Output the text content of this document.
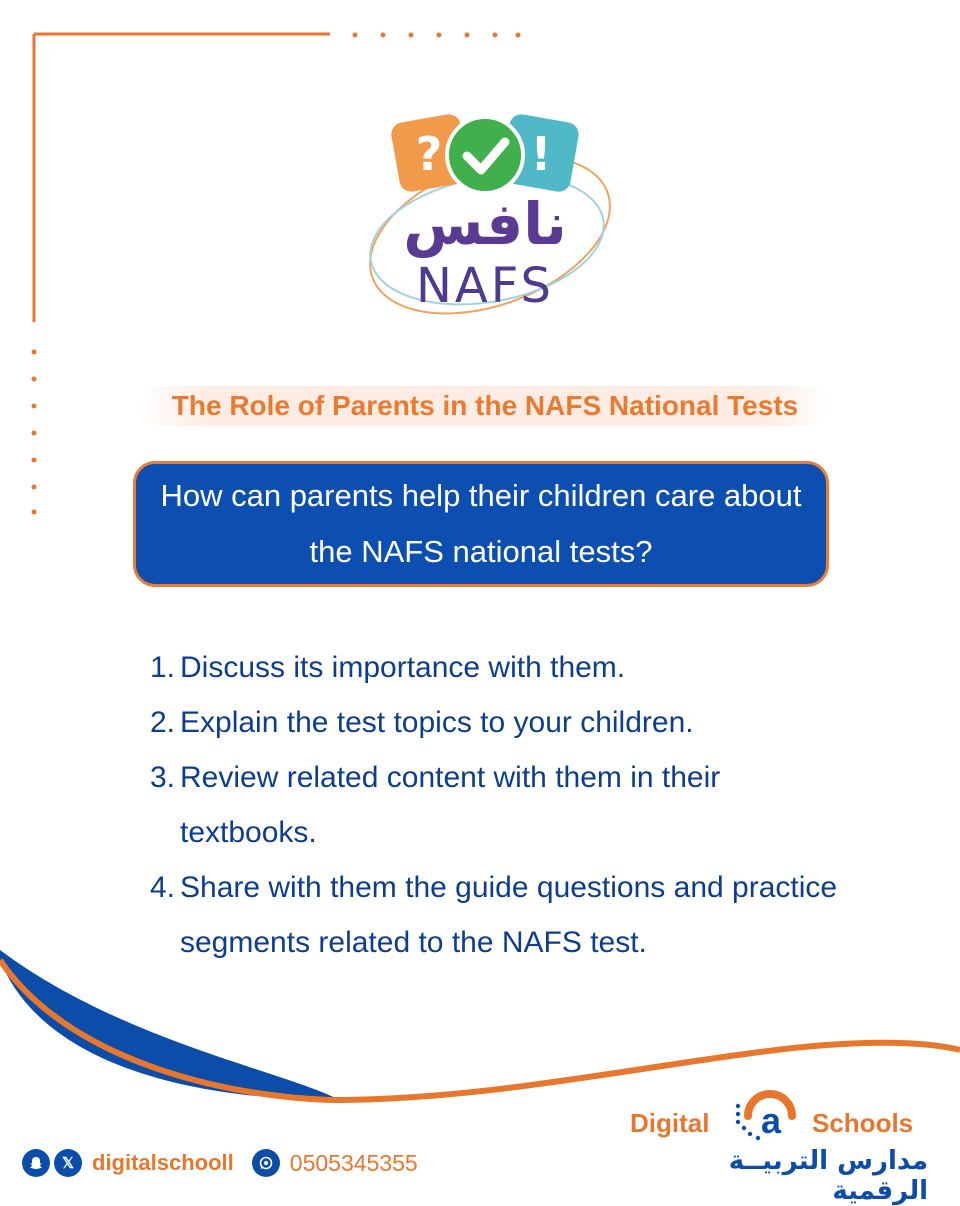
? !
نافس
NAFS
The Role of Parents in the NAFS National Tests
How can parents help their children care about the NAFS national tests?
1. Discuss its importance with them.
2. Explain the test topics to your children.
3. Review related content with them in their textbooks.
4. Share with them the guide questions and practice segments related to the NAFS test.
𝕏 digitalschooll 0505345355
Digital a Schools
مدارس التربيــة الرقمية
